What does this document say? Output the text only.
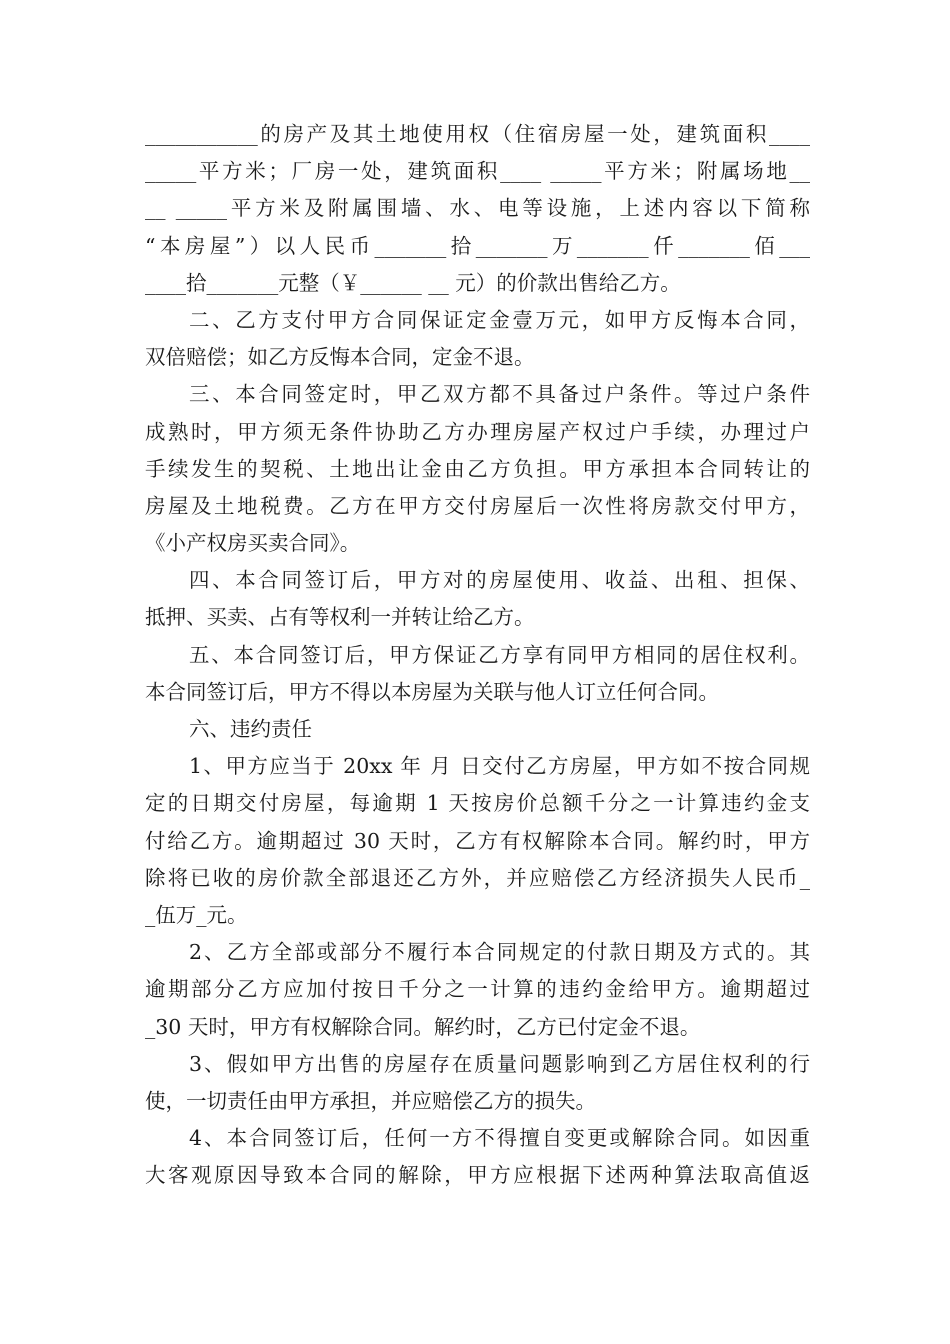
___________的房产及其土地使用权（住宿房屋一处，建筑面积____
_____平方米；厂房一处，建筑面积____ _____平方米；附属场地__
__ _____平方米及附属围墙、水、电等设施，上述内容以下简称
“本房屋”）以人民币_______拾_______万_______仟_______佰___
____拾_______元整（￥______ __ 元）的价款出售给乙方。
二、乙方支付甲方合同保证定金壹万元，如甲方反悔本合同，
双倍赔偿；如乙方反悔本合同，定金不退。
三、本合同签定时，甲乙双方都不具备过户条件。等过户条件
成熟时，甲方须无条件协助乙方办理房屋产权过户手续，办理过户
手续发生的契税、土地出让金由乙方负担。甲方承担本合同转让的
房屋及土地税费。乙方在甲方交付房屋后一次性将房款交付甲方，
《小产权房买卖合同》。
四、本合同签订后，甲方对的房屋使用、收益、出租、担保、
抵押、买卖、占有等权利一并转让给乙方。
五、本合同签订后，甲方保证乙方享有同甲方相同的居住权利。
本合同签订后，甲方不得以本房屋为关联与他人订立任何合同。
六、违约责任
1、甲方应当于 20xx 年 月 日交付乙方房屋，甲方如不按合同规
定的日期交付房屋，每逾期 1 天按房价总额千分之一计算违约金支
付给乙方。逾期超过 30 天时，乙方有权解除本合同。解约时，甲方
除将已收的房价款全部退还乙方外，并应赔偿乙方经济损失人民币_
_伍万_元。
2、乙方全部或部分不履行本合同规定的付款日期及方式的。其
逾期部分乙方应加付按日千分之一计算的违约金给甲方。逾期超过
_30 天时，甲方有权解除合同。解约时，乙方已付定金不退。
3、假如甲方出售的房屋存在质量问题影响到乙方居住权利的行
使，一切责任由甲方承担，并应赔偿乙方的损失。
4、本合同签订后，任何一方不得擅自变更或解除合同。如因重
大客观原因导致本合同的解除，甲方应根据下述两种算法取高值返
